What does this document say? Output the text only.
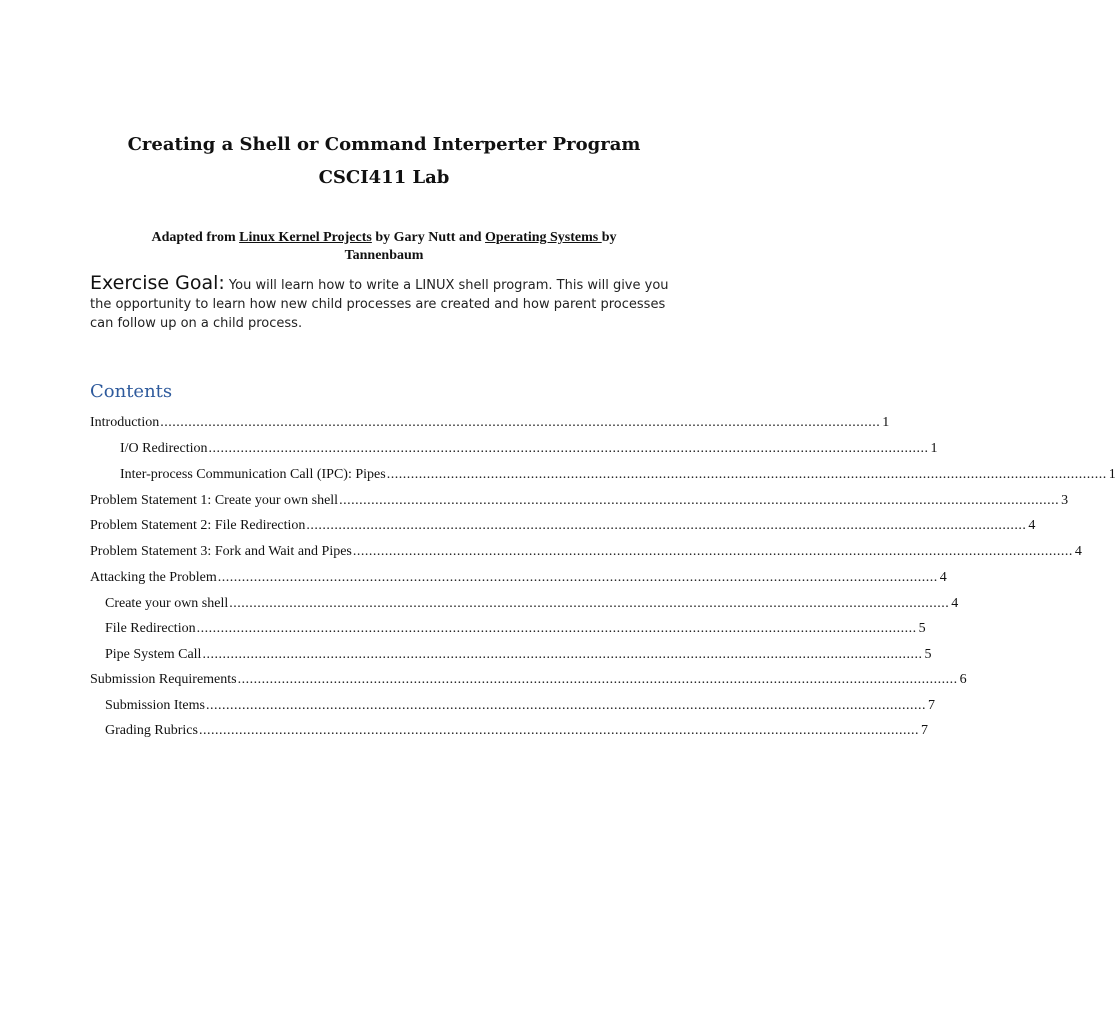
Creating a Shell or Command Interperter Program
CSCI411 Lab
Adapted from Linux Kernel Projects by Gary Nutt and Operating Systems by
Tannenbaum
Exercise Goal: You will learn how to write a LINUX shell program. This will give you the opportunity to learn how new child processes are created and how parent processes can follow up on a child process.
Contents
Introduction .................................................................................................................................................................................... 1
I/O Redirection .................................................................................................................................................................................... 1
Inter-process Communication Call (IPC): Pipes .................................................................................................................................................................................... 1
Problem Statement 1: Create your own shell .................................................................................................................................................................................... 3
Problem Statement 2: File Redirection .................................................................................................................................................................................... 4
Problem Statement 3: Fork and Wait and Pipes .................................................................................................................................................................................... 4
Attacking the Problem .................................................................................................................................................................................... 4
Create your own shell .................................................................................................................................................................................... 4
File Redirection .................................................................................................................................................................................... 5
Pipe System Call .................................................................................................................................................................................... 5
Submission Requirements .................................................................................................................................................................................... 6
Submission Items .................................................................................................................................................................................... 7
Grading Rubrics .................................................................................................................................................................................... 7
